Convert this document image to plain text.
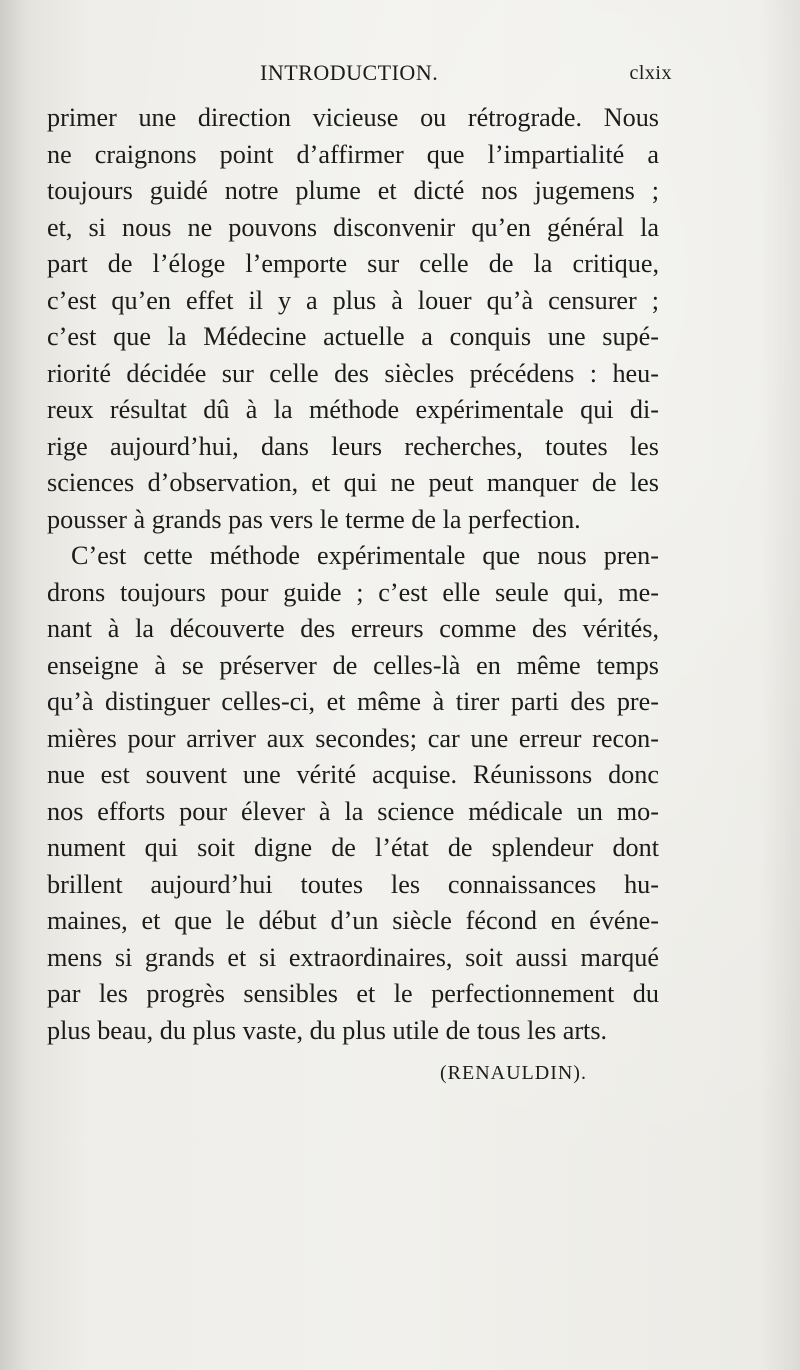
INTRODUCTION.	clxix
primer une direction vicieuse ou rétrograde. Nous
ne craignons point d’affirmer que l’impartialité a
toujours guidé notre plume et dicté nos jugemens ;
et, si nous ne pouvons disconvenir qu’en général la
part de l’éloge l’emporte sur celle de la critique,
c’est qu’en effet il y a plus à louer qu’à censurer ;
c’est que la Médecine actuelle a conquis une supé-
riorité décidée sur celle des siècles précédens : heu-
reux résultat dû à la méthode expérimentale qui di-
rige aujourd’hui, dans leurs recherches, toutes les
sciences d’observation, et qui ne peut manquer de les
pousser à grands pas vers le terme de la perfection.
C’est cette méthode expérimentale que nous pren-
drons toujours pour guide ; c’est elle seule qui, me-
nant à la découverte des erreurs comme des vérités,
enseigne à se préserver de celles-là en même temps
qu’à distinguer celles-ci, et même à tirer parti des pre-
mières pour arriver aux secondes; car une erreur recon-
nue est souvent une vérité acquise. Réunissons donc
nos efforts pour élever à la science médicale un mo-
nument qui soit digne de l’état de splendeur dont
brillent aujourd’hui toutes les connaissances hu-
maines, et que le début d’un siècle fécond en événe-
mens si grands et si extraordinaires, soit aussi marqué
par les progrès sensibles et le perfectionnement du
plus beau, du plus vaste, du plus utile de tous les arts.
(RENAULDIN).
